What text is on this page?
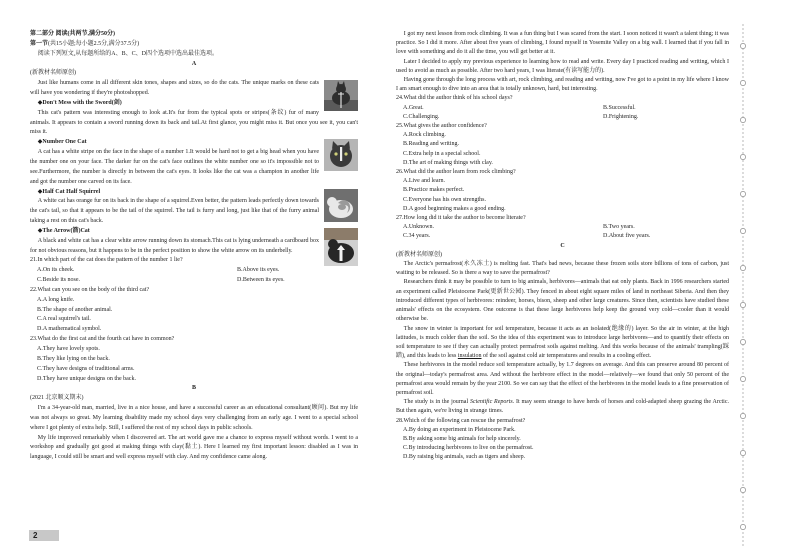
第二部分 阅读(共两节,满分50分)

第一节(共15小题;每小题2.5分,满分37.5分)

阅读下列短文,从每题所给的A、B、C、D四个选项中选出最佳选项。

A

(新教材名师原创)

Just like humans come in all different skin tones, shapes and sizes, so do the cats. The unique marks on these cats will have you wondering if they're photoshopped.

◆Don't Mess with the Sword(剑)

This cat's pattern was interesting enough to look at.It's fur from the typical spots or stripes(条纹) fur of many animals. It appears to contain a sword running down its back and tail.At first glance, you might miss it. But once you see it, you can't miss it.

◆Number One Cat

A cat has a white stripe on the face in the shape of a number 1.It would be hard not to get a big head when you have the number one on your face. The darker fur on the cat's face outlines the white number one so it's impossible not to see.Furthermore, the number is directly in between the cat's eyes. It looks like the cat was a champion in another life and got the number one carved on its face.

◆Half Cat Half Squirrel

A white cat has orange fur on its back in the shape of a squirrel.Even better, the pattern leads perfectly down towards the cat's tail, so that it appears to be the tail of the squirrel. The tail is furry and long, just like that of the furry animal taking a rest on this cat's back.

◆The Arrow(箭)Cat

A black and white cat has a clear white arrow running down its stomach.This cat is lying underneath a cardboard box for not obvious reasons, but it happens to be in the perfect position to show the white arrow on its underbelly.

21.In which part of the cat does the pattern of the number 1 lie?

A.On its cheek.	B.Above its eyes.
C.Beside its nose.	D.Between its eyes.

22.What can you see on the body of the third cat?

A.A long knife.
B.The shape of another animal.
C.A real squirrel's tail.
D.A mathematical symbol.

23.What do the first cat and the fourth cat have in common?

A.They have lovely spots.
B.They like lying on the back.
C.They have designs of traditional arms.
D.They have unique designs on the back.

B

(2021 北京顺义期末)

I'm a 34-year-old man, married, live in a nice house, and have a successful career as an educational consultant(顾问). But my life was not always so great. My learning disability made my school days very challenging from an early age. I went to a special school where I got plenty of extra help. Still, I suffered the rest of my school days in public schools.

My life improved remarkably when I discovered art. The art world gave me a chance to express myself without words. I went to a workshop and gradually got good at making things with clay(黏土). Here I learned my first important lesson: disabled as I was in language, I could still be smart and well express myself with clay. And my confidence came along.

I got my next lesson from rock climbing. It was a fun thing but I was scared from the start. I soon noticed it wasn't a talent thing; it was practice. So I did it more. After about five years of climbing, I found myself in Yosemite Valley on a big wall. I learned that if you fall in love with something and do it all the time, you will get better at it.

Later I decided to apply my previous experience to learning how to read and write. Every day I practiced reading and writing, which I used to avoid as much as possible. After two hard years, I was literate(有读写能力的).

Having gone through the long process with art, rock climbing, and reading and writing, now I've got to a point in my life where I know I am smart enough to dive into an area that is totally unknown, hard, but interesting.

24.What did the author think of his school days?

A.Great.	B.Successful.
C.Challenging.	D.Frightening.

25.What gives the author confidence?

A.Rock climbing.
B.Reading and writing.
C.Extra help in a special school.
D.The art of making things with clay.

26.What did the author learn from rock climbing?

A.Live and learn.
B.Practice makes perfect.
C.Everyone has his own strengths.
D.A good beginning makes a good ending.

27.How long did it take the author to become literate?

A.Unknown.	B.Two years.
C.34 years.	D.About five years.

C

(新教材名师原创)

The Arctic's permafrost(永久冻土) is melting fast. That's bad news, because these frozen soils store billions of tons of carbon, just waiting to be released. So is there a way to save the permafrost?

Researchers think it may be possible to turn to big animals, herbivores—animals that eat only plants. Back in 1996 researchers started an experiment called Pleistocene Park(更新世公园). They fenced in about eight square miles of land in northeast Siberia. And then they introduced different types of herbivores: reindeer, horses, bison, sheep and other large creatures. Since then, scientists have studied these animals' effects on the ecosystem. One outcome is that these large herbivores help keep the ground very cold—cooler than it would otherwise be.

The snow in winter is important for soil temperature, because it acts as an isolated(绝缘的) layer. So the air in winter, at the high latitudes, is much colder than the soil. So the idea of this experiment was to introduce large herbivores—and to quantify their effects on soil temperature to see if they can actually protect permafrost soils against melting. And this works because of the animals' trampling(踩踏), and this leads to less insulation of the soil against cold air temperatures and results in a cooling effect.

These herbivores in the model reduce soil temperature actually, by 1.7 degrees on average. And this can preserve around 80 percent of the original—today's permafrost area. And without the herbivore effect in the model—relatively—we found that only 50 percent of the permafrost area would remain by the year 2100. So we can say that the effect of the herbivores in the model leads to a fine preservation of permafrost soil.

The study is in the journal Scientific Reports. It may seem strange to have herds of horses and cold-adapted sheep grazing the Arctic. But then again, we're living in strange times.

28.Which of the following can rescue the permafrost?

A.By doing an experiment in Pleistocene Park.
B.By asking some big animals for help sincerely.
C.By introducing herbivores to live on the permafrost.
D.By raising big animals, such as tigers and sheep.
2
